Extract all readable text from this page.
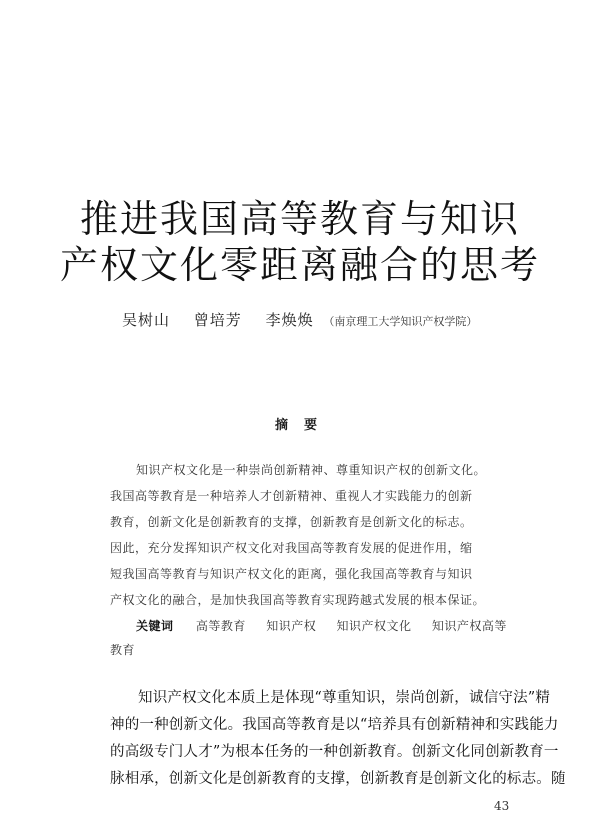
推进我国高等教育与知识
产权文化零距离融合的思考
吴树山 曾培芳 李焕焕 （南京理工大学知识产权学院）
摘要
知识产权文化是一种崇尚创新精神、尊重知识产权的创新文化。
我国高等教育是一种培养人才创新精神、重视人才实践能力的创新
教育，创新文化是创新教育的支撑，创新教育是创新文化的标志。
因此，充分发挥知识产权文化对我国高等教育发展的促进作用，缩
短我国高等教育与知识产权文化的距离，强化我国高等教育与知识
产权文化的融合，是加快我国高等教育实现跨越式发展的根本保证。
关键词 高等教育 知识产权 知识产权文化 知识产权高等
教育
知识产权文化本质上是体现“尊重知识，崇尚创新，诚信守法”精
神的一种创新文化。我国高等教育是以“培养具有创新精神和实践能力
的高级专门人才”为根本任务的一种创新教育。创新文化同创新教育一
脉相承，创新文化是创新教育的支撑，创新教育是创新文化的标志。随
43
